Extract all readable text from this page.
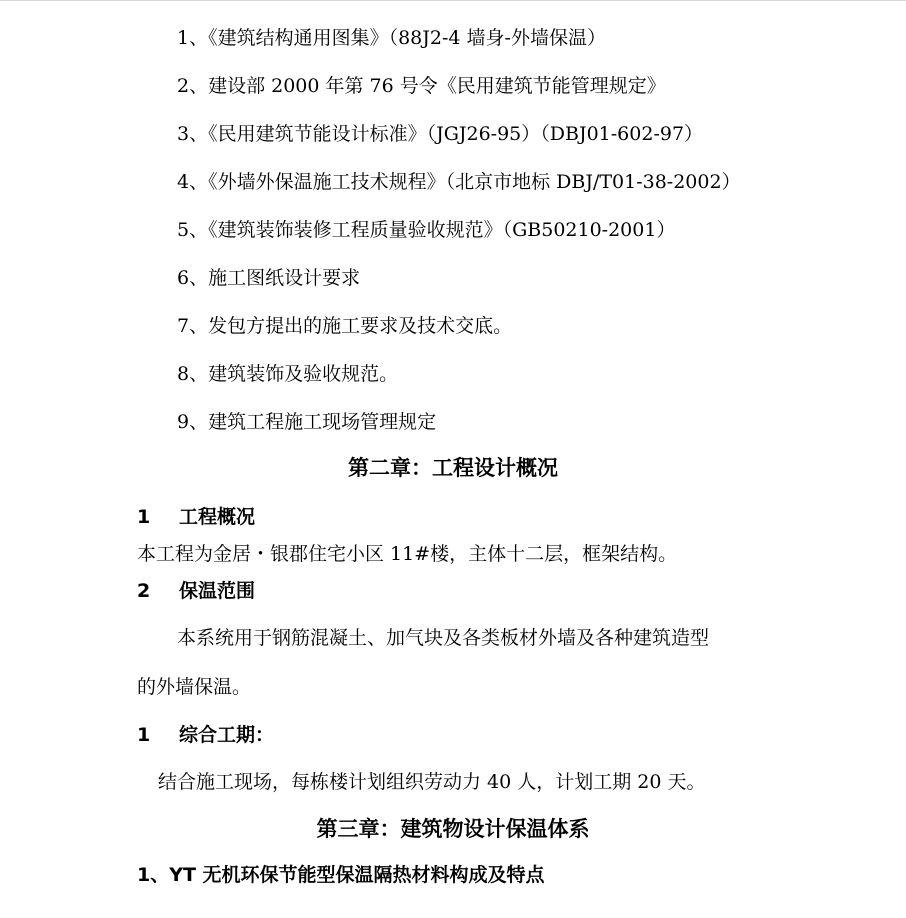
1、《建筑结构通用图集》（88J2-4 墙身-外墙保温）
2、建设部 2000 年第 76 号令《民用建筑节能管理规定》
3、《民用建筑节能设计标准》（JGJ26-95）（DBJ01-602-97）
4、《外墙外保温施工技术规程》（北京市地标 DBJ/T01-38-2002）
5、《建筑装饰装修工程质量验收规范》（GB50210-2001）
6、施工图纸设计要求
7、发包方提出的施工要求及技术交底。
8、建筑装饰及验收规范。
9、建筑工程施工现场管理规定
第二章：工程设计概况
1 工程概况
本工程为金居・银郡住宅小区 11#楼，主体十二层，框架结构。
2 保温范围
本系统用于钢筋混凝土、加气块及各类板材外墙及各种建筑造型
的外墙保温。
1 综合工期：
结合施工现场，每栋楼计划组织劳动力 40 人，计划工期 20 天。
第三章：建筑物设计保温体系
1、YT 无机环保节能型保温隔热材料构成及特点
